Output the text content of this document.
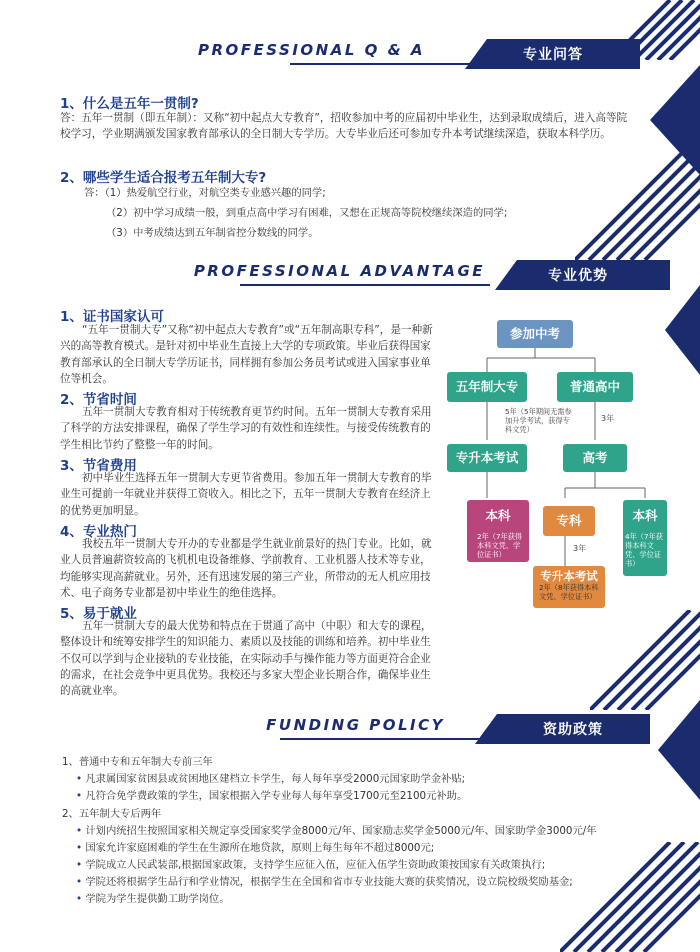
PROFESSIONAL Q & A	专业问答
1、什么是五年一贯制?
答：五年一贯制（即五年制）：又称“初中起点大专教育”，招收参加中考的应届初中毕业生，达到录取成绩后，进入高等院校学习，学业期满颁发国家教育部承认的全日制大专学历。大专毕业后还可参加专升本考试继续深造，获取本科学历。
2、哪些学生适合报考五年制大专?
答：（1）热爱航空行业，对航空类专业感兴趣的同学;
（2）初中学习成绩一般，到重点高中学习有困难，又想在正规高等院校继续深造的同学;
（3）中考成绩达到五年制省控分数线的同学。
PROFESSIONAL ADVANTAGE	专业优势
1、证书国家认可
“五年一贯制大专”又称“初中起点大专教育”或“五年制高职专科”，是一种新兴的高等教育模式。是针对初中毕业生直接上大学的专项政策。毕业后获得国家教育部承认的全日制大专学历证书，同样拥有参加公务员考试或进入国家事业单位等机会。
2、节省时间
五年一贯制大专教育相对于传统教育更节约时间。五年一贯制大专教育采用了科学的方法安排课程，确保了学生学习的有效性和连续性。与接受传统教育的学生相比节约了整整一年的时间。
3、节省费用
初中毕业生选择五年一贯制大专更节省费用。参加五年一贯制大专教育的毕业生可提前一年就业并获得工资收入。相比之下，五年一贯制大专教育在经济上的优势更加明显。
4、专业热门
我校五年一贯制大专开办的专业都是学生就业前景好的热门专业。比如，就业人员普遍薪资较高的飞机机电设备维修、学前教育、工业机器人技术等专业，均能够实现高薪就业。另外，还有迅速发展的第三产业，所带动的无人机应用技术、电子商务专业都是初中毕业生的绝佳选择。
5、易于就业
五年一贯制大专的最大优势和特点在于贯通了高中（中职）和大专的课程，整体设计和统筹安排学生的知识能力、素质以及技能的训练和培养。初中毕业生不仅可以学到与企业接轨的专业技能，在实际动手与操作能力等方面更符合企业的需求，在社会竞争中更具优势。我校还与多家大型企业长期合作，确保毕业生的高就业率。
参加中考
五年制大专	普通高中
5年（5年期间无需参加升学考试，获得专科文凭）
3年
专升本考试	高考
本科
2年（7年获得本科文凭、学位证书）
专科
3年
本科
4年（7年获得本科文凭、学位证书）
专升本考试
2年（8年获得本科文凭、学位证书）
FUNDING POLICY	资助政策
1、普通中专和五年制大专前三年
• 凡隶属国家贫困县或贫困地区建档立卡学生，每人每年享受2000元国家助学金补贴;
• 凡符合免学费政策的学生，国家根据入学专业每人每年享受1700元至2100元补助。
2、五年制大专后两年
• 计划内统招生按照国家相关规定享受国家奖学金8000元/年、国家励志奖学金5000元/年、国家助学金3000元/年
• 国家允许家庭困难的学生在生源所在地贷款，原则上每生每年不超过8000元;
• 学院成立人民武装部,根据国家政策，支持学生应征入伍，应征入伍学生资助政策按国家有关政策执行;
• 学院还将根据学生品行和学业情况，根据学生在全国和省市专业技能大赛的获奖情况，设立院校级奖励基金;
• 学院为学生提供勤工助学岗位。
